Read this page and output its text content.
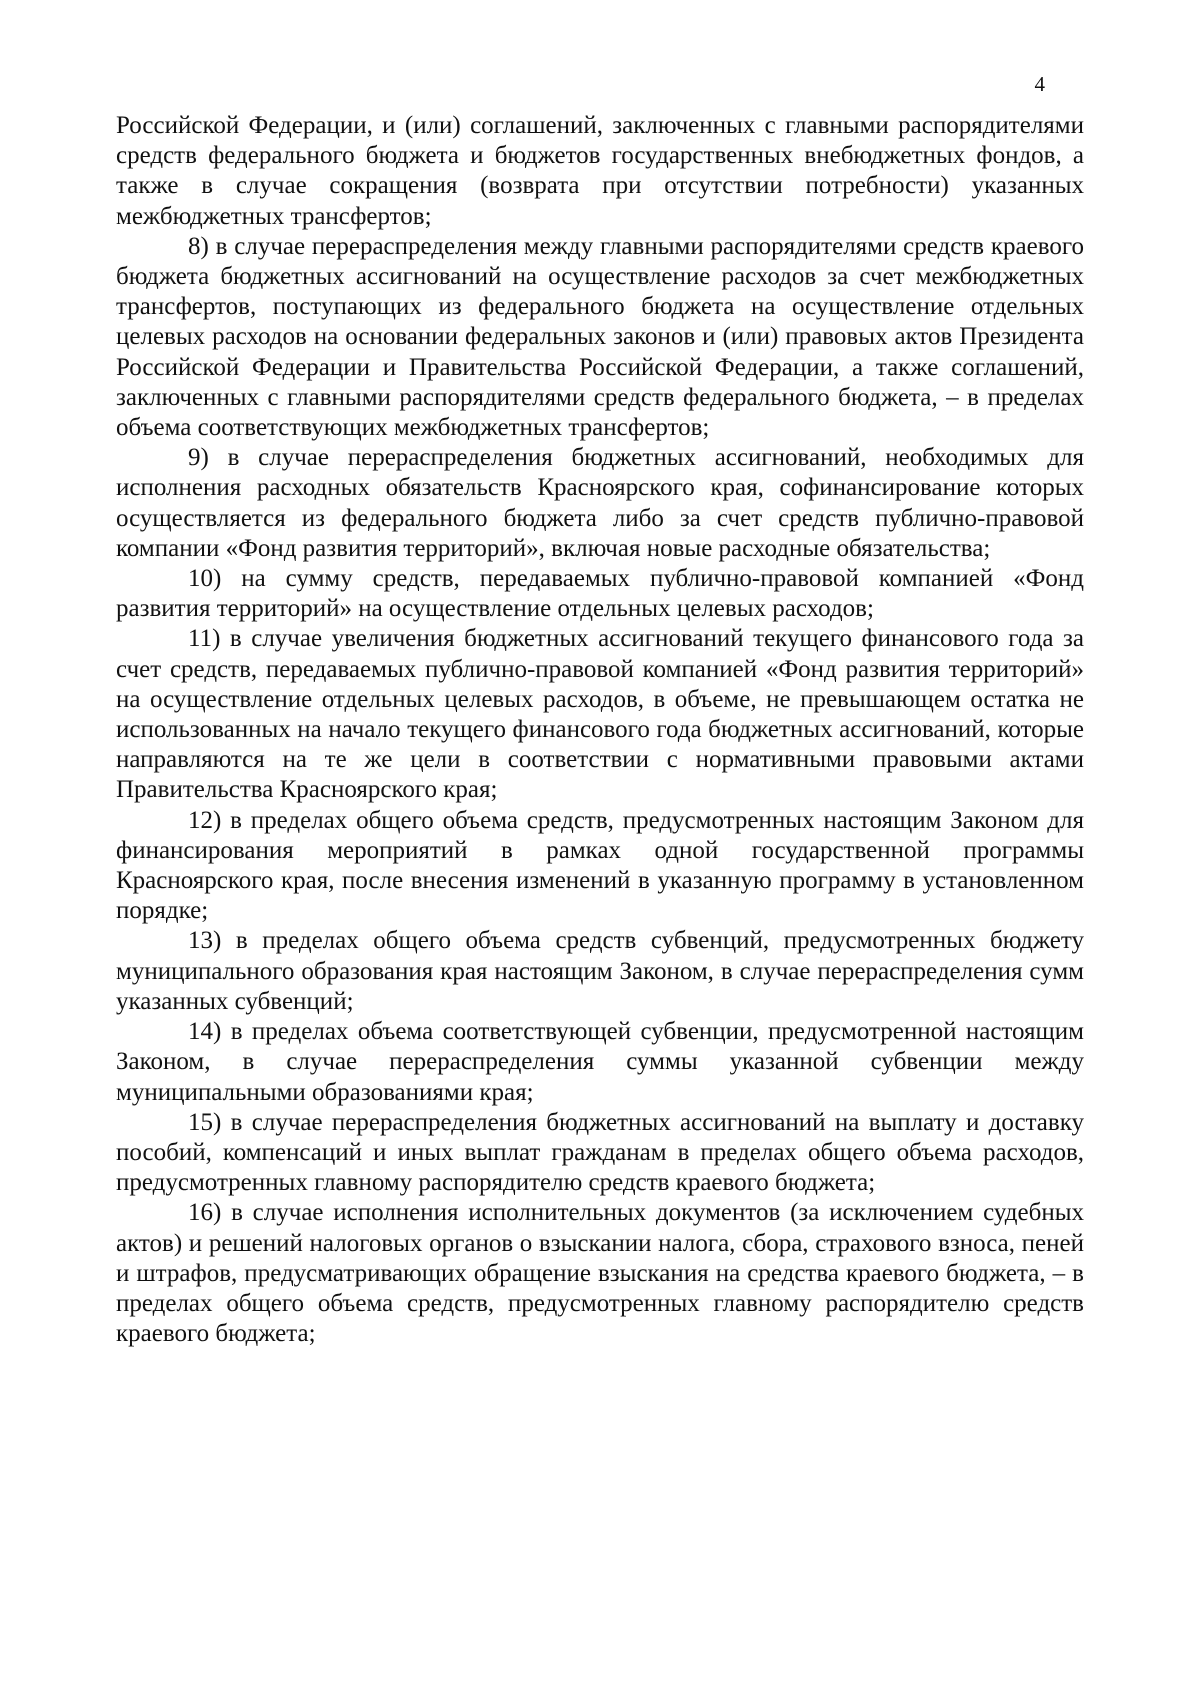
4

Российской Федерации, и (или) соглашений, заключенных с главными распорядителями средств федерального бюджета и бюджетов государственных внебюджетных фондов, а также в случае сокращения (возврата при отсутствии потребности) указанных межбюджетных трансфертов;

8) в случае перераспределения между главными распорядителями средств краевого бюджета бюджетных ассигнований на осуществление расходов за счет межбюджетных трансфертов, поступающих из федерального бюджета на осуществление отдельных целевых расходов на основании федеральных законов и (или) правовых актов Президента Российской Федерации и Правительства Российской Федерации, а также соглашений, заключенных с главными распорядителями средств федерального бюджета, – в пределах объема соответствующих межбюджетных трансфертов;

9) в случае перераспределения бюджетных ассигнований, необходимых для исполнения расходных обязательств Красноярского края, софинансирование которых осуществляется из федерального бюджета либо за счет средств публично-правовой компании «Фонд развития территорий», включая новые расходные обязательства;

10) на сумму средств, передаваемых публично-правовой компанией «Фонд развития территорий» на осуществление отдельных целевых расходов;

11) в случае увеличения бюджетных ассигнований текущего финансового года за счет средств, передаваемых публично-правовой компанией «Фонд развития территорий» на осуществление отдельных целевых расходов, в объеме, не превышающем остатка не использованных на начало текущего финансового года бюджетных ассигнований, которые направляются на те же цели в соответствии с нормативными правовыми актами Правительства Красноярского края;

12) в пределах общего объема средств, предусмотренных настоящим Законом для финансирования мероприятий в рамках одной государственной программы Красноярского края, после внесения изменений в указанную программу в установленном порядке;

13) в пределах общего объема средств субвенций, предусмотренных бюджету муниципального образования края настоящим Законом, в случае перераспределения сумм указанных субвенций;

14) в пределах объема соответствующей субвенции, предусмотренной настоящим Законом, в случае перераспределения суммы указанной субвенции между муниципальными образованиями края;

15) в случае перераспределения бюджетных ассигнований на выплату и доставку пособий, компенсаций и иных выплат гражданам в пределах общего объема расходов, предусмотренных главному распорядителю средств краевого бюджета;

16) в случае исполнения исполнительных документов (за исключением судебных актов) и решений налоговых органов о взыскании налога, сбора, страхового взноса, пеней и штрафов, предусматривающих обращение взыскания на средства краевого бюджета, – в пределах общего объема средств, предусмотренных главному распорядителю средств краевого бюджета;
